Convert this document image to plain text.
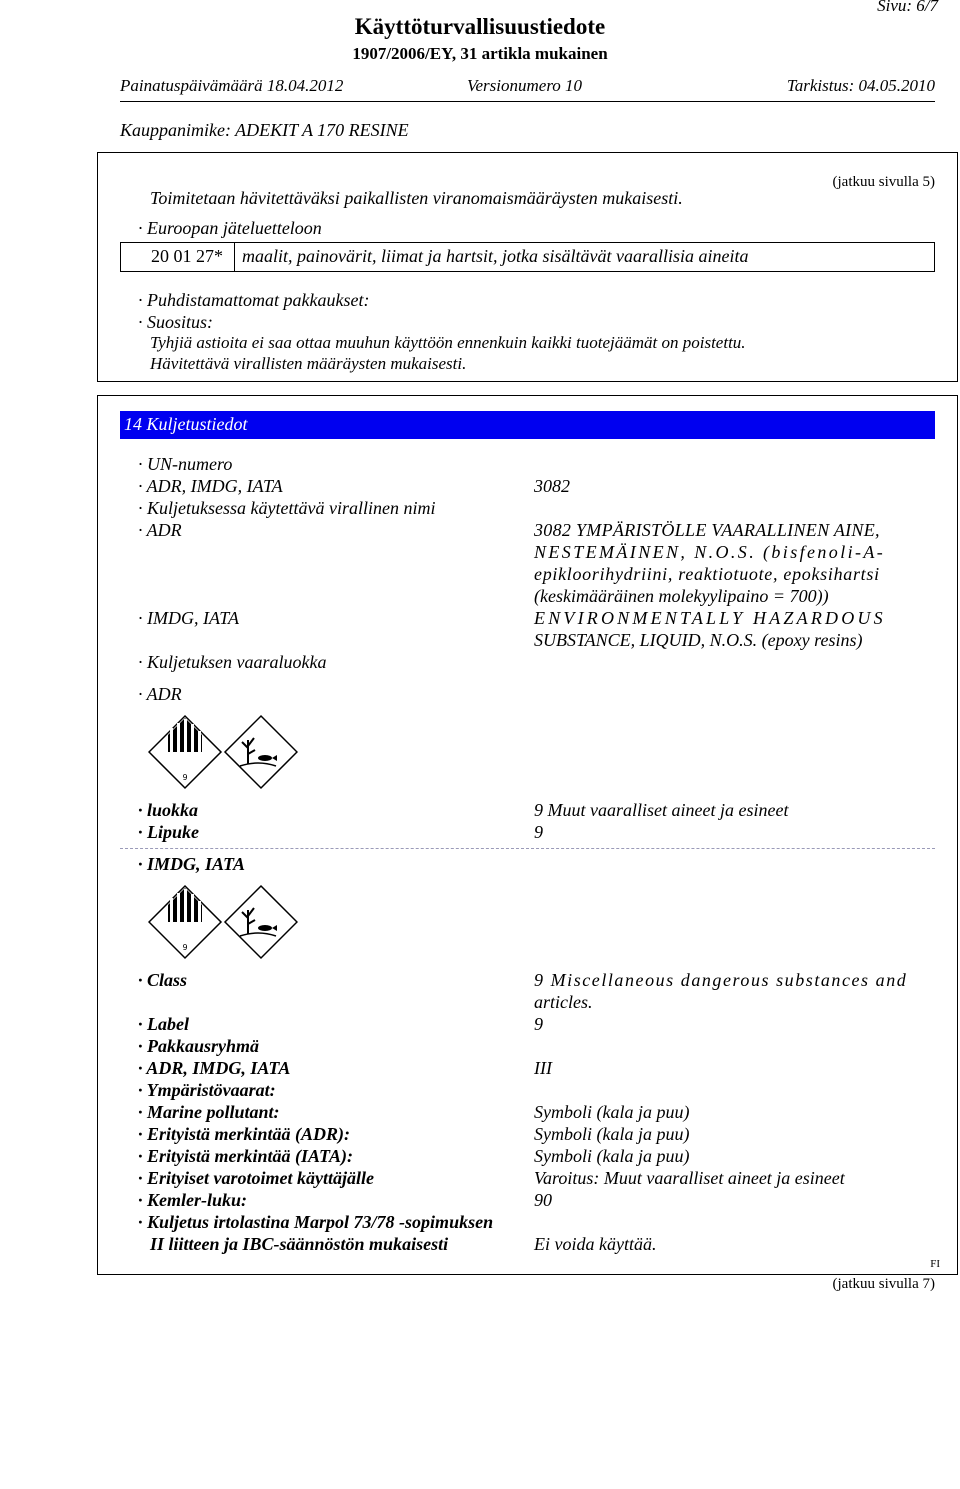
Sivu: 6/7
Käyttöturvallisuustiedote
1907/2006/EY, 31 artikla mukainen
Painatuspäivämäärä 18.04.2012	Versionumero 10	Tarkistus: 04.05.2010
Kauppanimike: ADEKIT A 170 RESINE
(jatkuu sivulla 5)
Toimitetaan hävitettäväksi paikallisten viranomaismääräysten mukaisesti.
· Euroopan jäteluetteloon
20 01 27* maalit, painovärit, liimat ja hartsit, jotka sisältävät vaarallisia aineita
· Puhdistamattomat pakkaukset:
· Suositus:
Tyhjiä astioita ei saa ottaa muuhun käyttöön ennenkuin kaikki tuotejäämät on poistettu.
Hävitettävä virallisten määräysten mukaisesti.
14 Kuljetustiedot
· UN-numero
· ADR, IMDG, IATA	3082
· Kuljetuksessa käytettävä virallinen nimi
· ADR	3082 YMPÄRISTÖLLE VAARALLINEN AINE,
NESTEMÄINEN, N.O.S. (bisfenoli-A-
epikloorihydriini, reaktiotuote, epoksihartsi
(keskimääräinen molekyylipaino = 700))
· IMDG, IATA	ENVIRONMENTALLY HAZARDOUS
SUBSTANCE, LIQUID, N.O.S. (epoxy resins)
· Kuljetuksen vaaraluokka
· ADR
9
· luokka	9 Muut vaaralliset aineet ja esineet
· Lipuke	9
· IMDG, IATA
9
· Class	9 Miscellaneous dangerous substances and
articles.
· Label	9
· Pakkausryhmä
· ADR, IMDG, IATA	III
· Ympäristövaarat:
· Marine pollutant:	Symboli (kala ja puu)
· Erityistä merkintää (ADR):	Symboli (kala ja puu)
· Erityistä merkintää (IATA):	Symboli (kala ja puu)
· Erityiset varotoimet käyttäjälle	Varoitus: Muut vaaralliset aineet ja esineet
· Kemler-luku:	90
· Kuljetus irtolastina Marpol 73/78 -sopimuksen
II liitteen ja IBC-säännöstön mukaisesti	Ei voida käyttää.
FI
(jatkuu sivulla 7)
